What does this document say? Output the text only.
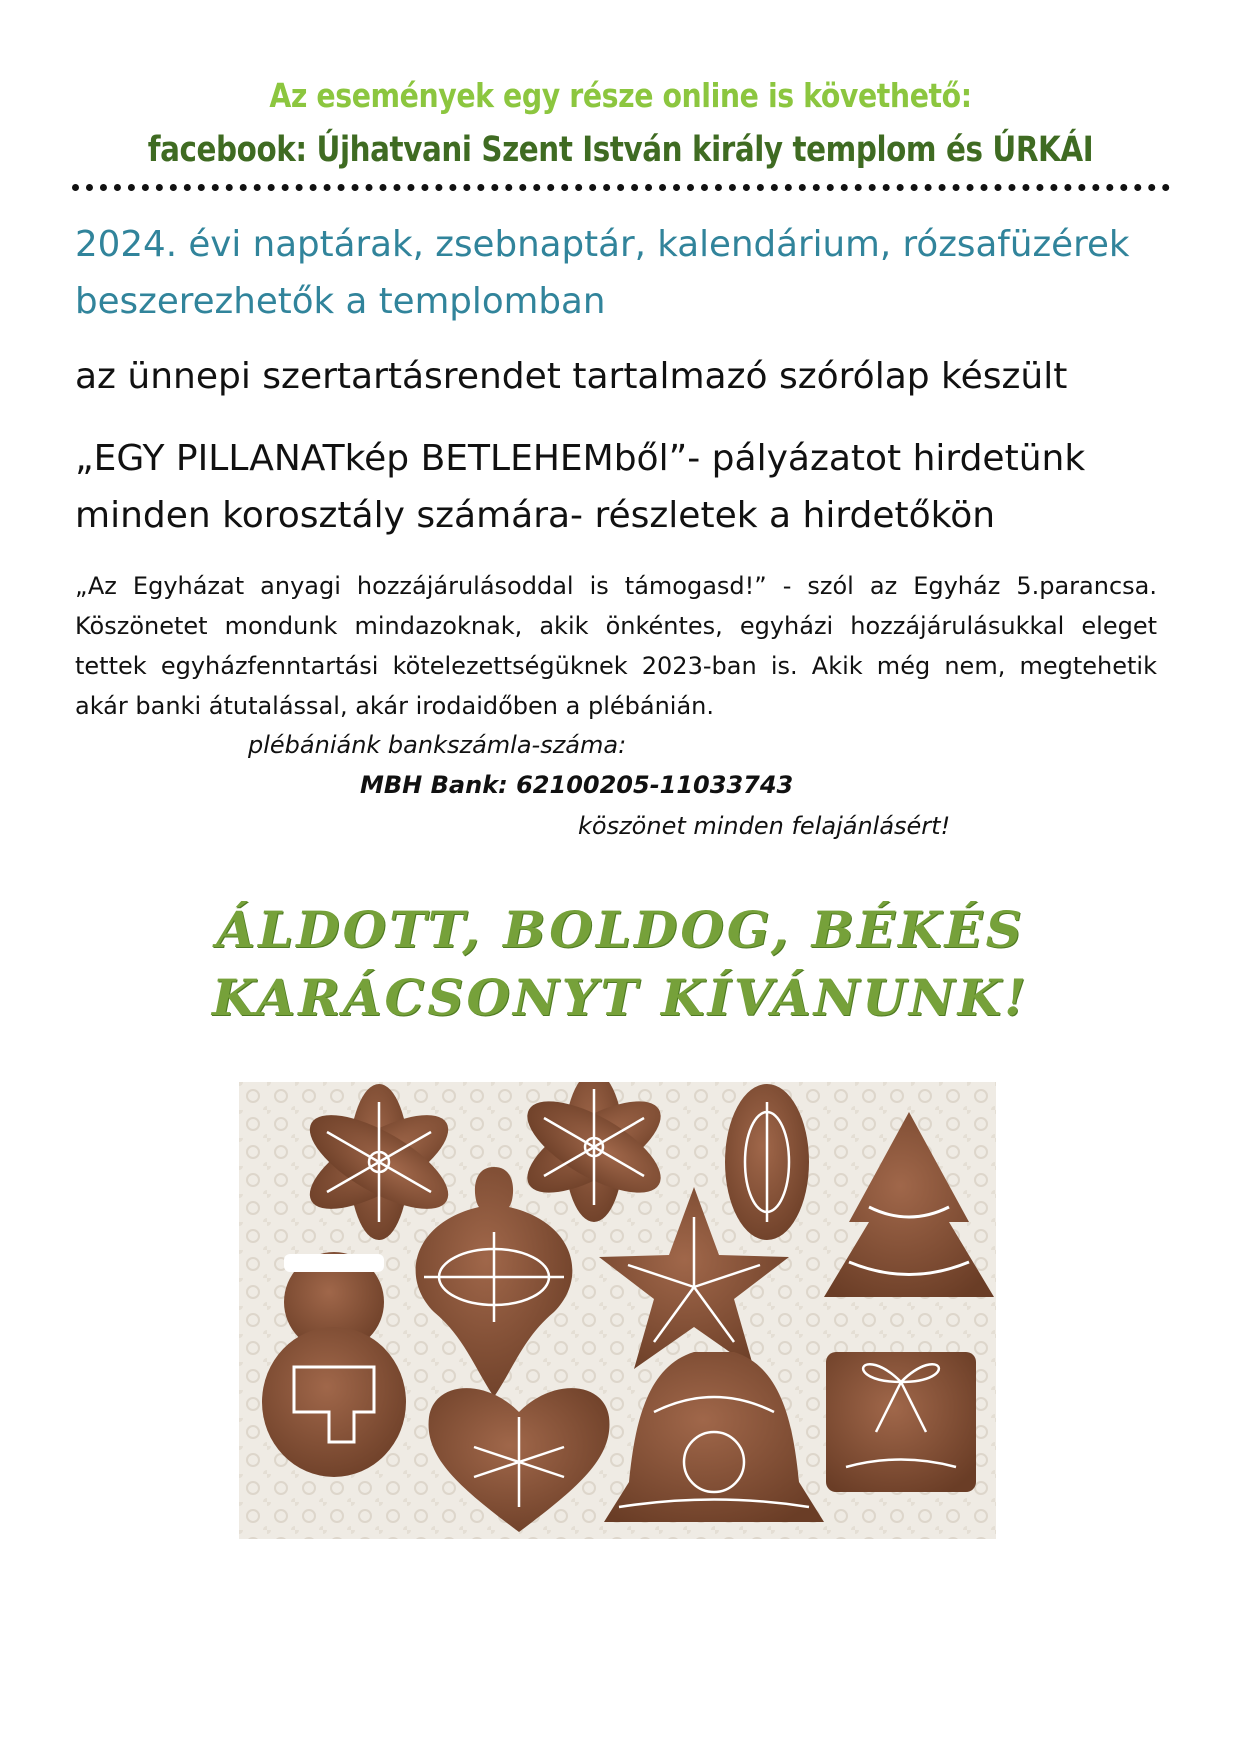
Az események egy része online is követhető:
facebook: Újhatvani Szent István király templom és ÚRKÁI
2024. évi naptárak, zsebnaptár, kalendárium, rózsafüzérek beszerezhetők a templomban
az ünnepi szertartásrendet tartalmazó szórólap készült
„EGY PILLANATkép BETLEHEMből”- pályázatot hirdetünk minden korosztály számára- részletek a hirdetőkön

„Az Egyházat anyagi hozzájárulásoddal is támogasd!” - szól az Egyház 5.parancsa. Köszönetet mondunk mindazoknak, akik önkéntes, egyházi hozzájárulásukkal eleget tettek egyházfenntartási kötelezettségüknek 2023-ban is. Akik még nem, megtehetik akár banki átutalással, akár irodaidőben a plébánián.

plébániánk bankszámla-száma:
MBH Bank: 62100205-11033743
köszönet minden felajánlásért!
ÁLDOTT, BOLDOG, BÉKÉS
KARÁCSONYT KÍVÁNUNK!
